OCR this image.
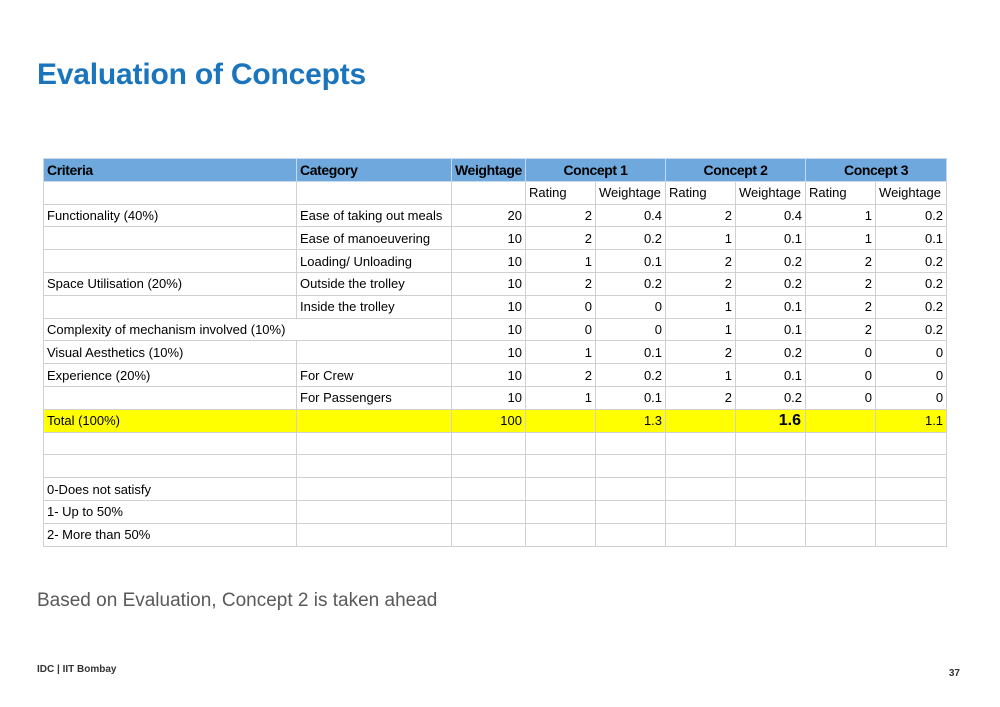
Evaluation of Concepts
Criteria	Category	Weightage	Concept 1		Concept 2		Concept 3	
			Rating	Weightage	Rating	Weightage	Rating	Weightage
Functionality (40%)	Ease of taking out meals	20	2	0.4	2	0.4	1	0.2
	Ease of manoeuvering	10	2	0.2	1	0.1	1	0.1
	Loading/ Unloading	10	1	0.1	2	0.2	2	0.2
Space Utilisation (20%)	Outside the trolley	10	2	0.2	2	0.2	2	0.2
	Inside the trolley	10	0	0	1	0.1	2	0.2
Complexity of mechanism involved (10%)		10	0	0	1	0.1	2	0.2
Visual Aesthetics (10%)		10	1	0.1	2	0.2	0	0
Experience (20%)	For Crew	10	2	0.2	1	0.1	0	0
	For Passengers	10	1	0.1	2	0.2	0	0
Total (100%)		100		1.3		1.6		1.1

0-Does not satisfy								
1- Up to 50%								
2- More than 50%								

Based on Evaluation, Concept 2 is taken ahead

IDC | IIT Bombay	37
